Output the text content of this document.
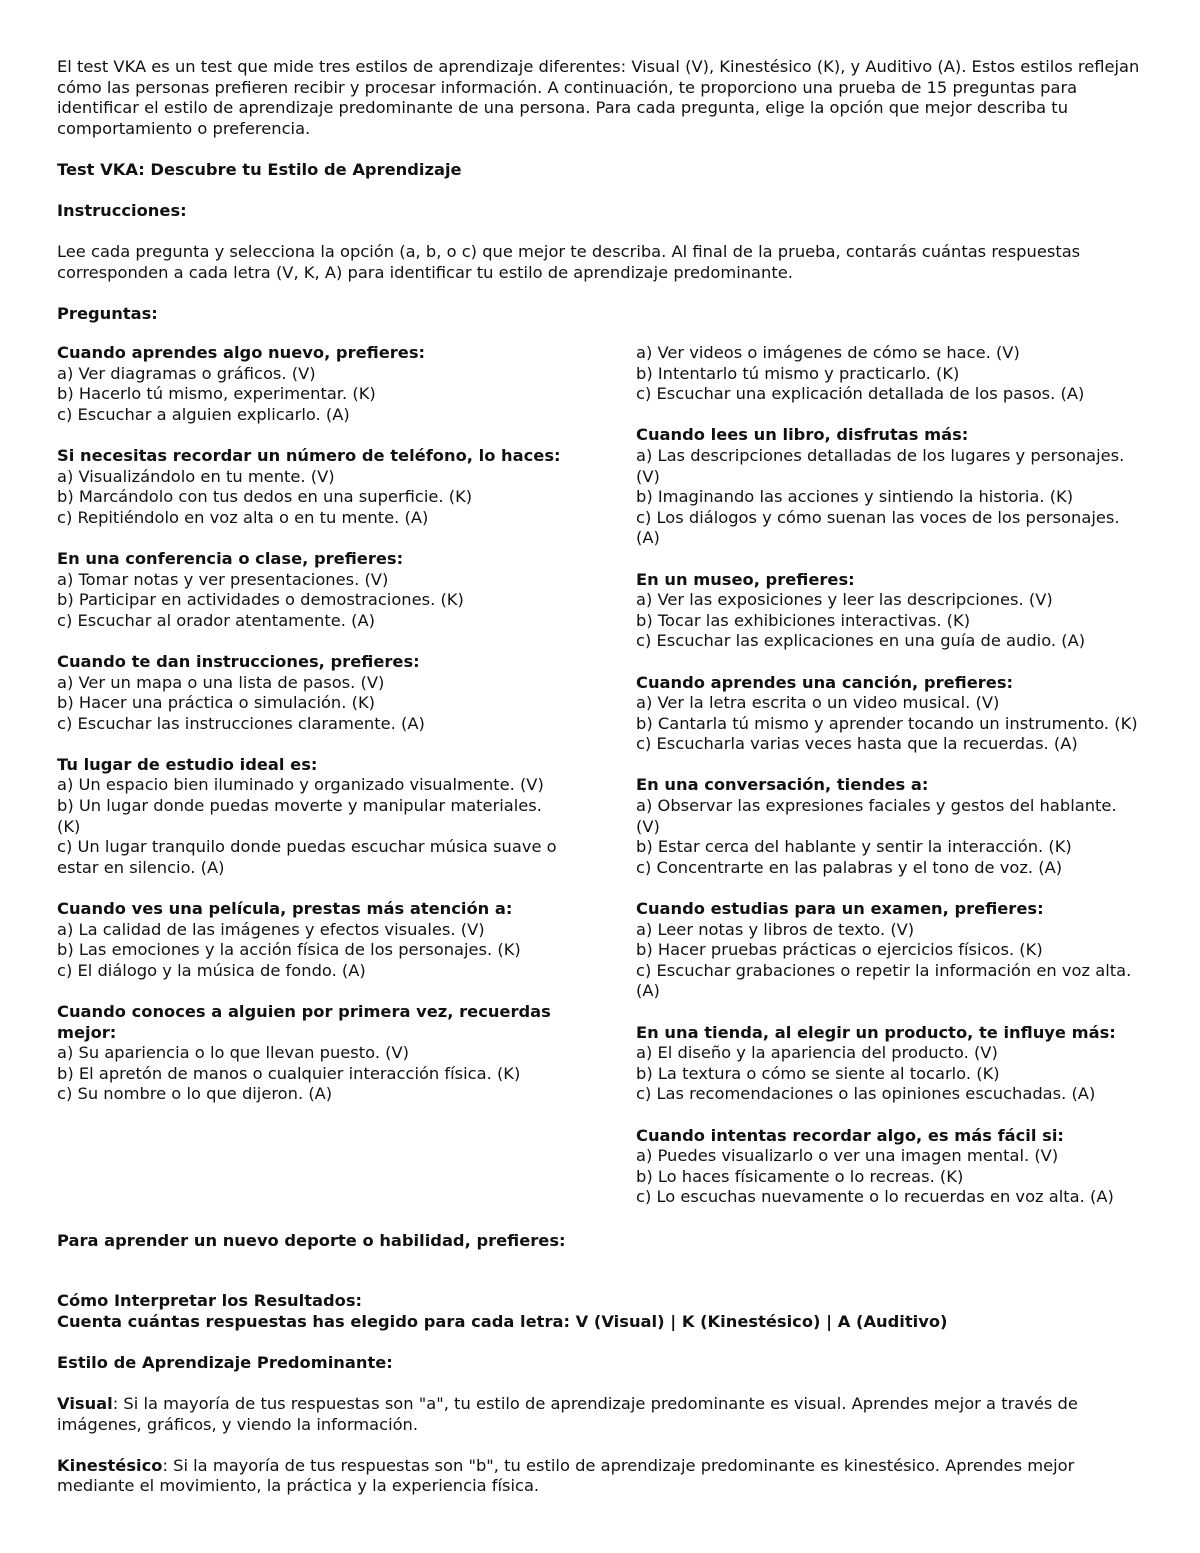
El test VKA es un test que mide tres estilos de aprendizaje diferentes: Visual (V), Kinestésico (K), y Auditivo (A). Estos estilos reflejan cómo las personas prefieren recibir y procesar información. A continuación, te proporciono una prueba de 15 preguntas para identificar el estilo de aprendizaje predominante de una persona. Para cada pregunta, elige la opción que mejor describa tu comportamiento o preferencia.

Test VKA: Descubre tu Estilo de Aprendizaje

Instrucciones:

Lee cada pregunta y selecciona la opción (a, b, o c) que mejor te describa. Al final de la prueba, contarás cuántas respuestas corresponden a cada letra (V, K, A) para identificar tu estilo de aprendizaje predominante.

Preguntas:

Cuando aprendes algo nuevo, prefieres:

a) Ver diagramas o gráficos. (V)

b) Hacerlo tú mismo, experimentar. (K)

c) Escuchar a alguien explicarlo. (A)

Si necesitas recordar un número de teléfono, lo haces:

a) Visualizándolo en tu mente. (V)

b) Marcándolo con tus dedos en una superficie. (K)

c) Repitiéndolo en voz alta o en tu mente. (A)

En una conferencia o clase, prefieres:

a) Tomar notas y ver presentaciones. (V)

b) Participar en actividades o demostraciones. (K)

c) Escuchar al orador atentamente. (A)

Cuando te dan instrucciones, prefieres:

a) Ver un mapa o una lista de pasos. (V)

b) Hacer una práctica o simulación. (K)

c) Escuchar las instrucciones claramente. (A)

Tu lugar de estudio ideal es:

a) Un espacio bien iluminado y organizado visualmente. (V)

b) Un lugar donde puedas moverte y manipular materiales. (K)

c) Un lugar tranquilo donde puedas escuchar música suave o estar en silencio. (A)

Cuando ves una película, prestas más atención a:

a) La calidad de las imágenes y efectos visuales. (V)

b) Las emociones y la acción física de los personajes. (K)

c) El diálogo y la música de fondo. (A)

Cuando conoces a alguien por primera vez, recuerdas mejor:

a) Su apariencia o lo que llevan puesto. (V)

b) El apretón de manos o cualquier interacción física. (K)

c) Su nombre o lo que dijeron. (A)

Para aprender un nuevo deporte o habilidad, prefieres:

a) Ver videos o imágenes de cómo se hace. (V)

b) Intentarlo tú mismo y practicarlo. (K)

c) Escuchar una explicación detallada de los pasos. (A)

Cuando lees un libro, disfrutas más:

a) Las descripciones detalladas de los lugares y personajes. (V)

b) Imaginando las acciones y sintiendo la historia. (K)

c) Los diálogos y cómo suenan las voces de los personajes. (A)

En un museo, prefieres:

a) Ver las exposiciones y leer las descripciones. (V)

b) Tocar las exhibiciones interactivas. (K)

c) Escuchar las explicaciones en una guía de audio. (A)

Cuando aprendes una canción, prefieres:

a) Ver la letra escrita o un video musical. (V)

b) Cantarla tú mismo y aprender tocando un instrumento. (K)

c) Escucharla varias veces hasta que la recuerdas. (A)

En una conversación, tiendes a:

a) Observar las expresiones faciales y gestos del hablante. (V)

b) Estar cerca del hablante y sentir la interacción. (K)

c) Concentrarte en las palabras y el tono de voz. (A)

Cuando estudias para un examen, prefieres:

a) Leer notas y libros de texto. (V)

b) Hacer pruebas prácticas o ejercicios físicos. (K)

c) Escuchar grabaciones o repetir la información en voz alta. (A)

En una tienda, al elegir un producto, te influye más:

a) El diseño y la apariencia del producto. (V)

b) La textura o cómo se siente al tocarlo. (K)

c) Las recomendaciones o las opiniones escuchadas. (A)

Cuando intentas recordar algo, es más fácil si:

a) Puedes visualizarlo o ver una imagen mental. (V)

b) Lo haces físicamente o lo recreas. (K)

c) Lo escuchas nuevamente o lo recuerdas en voz alta. (A)

Cómo Interpretar los Resultados:

Cuenta cuántas respuestas has elegido para cada letra: V (Visual) | K (Kinestésico) | A (Auditivo)

Estilo de Aprendizaje Predominante:

Visual: Si la mayoría de tus respuestas son "a", tu estilo de aprendizaje predominante es visual. Aprendes mejor a través de imágenes, gráficos, y viendo la información.

Kinestésico: Si la mayoría de tus respuestas son "b", tu estilo de aprendizaje predominante es kinestésico. Aprendes mejor mediante el movimiento, la práctica y la experiencia física.
